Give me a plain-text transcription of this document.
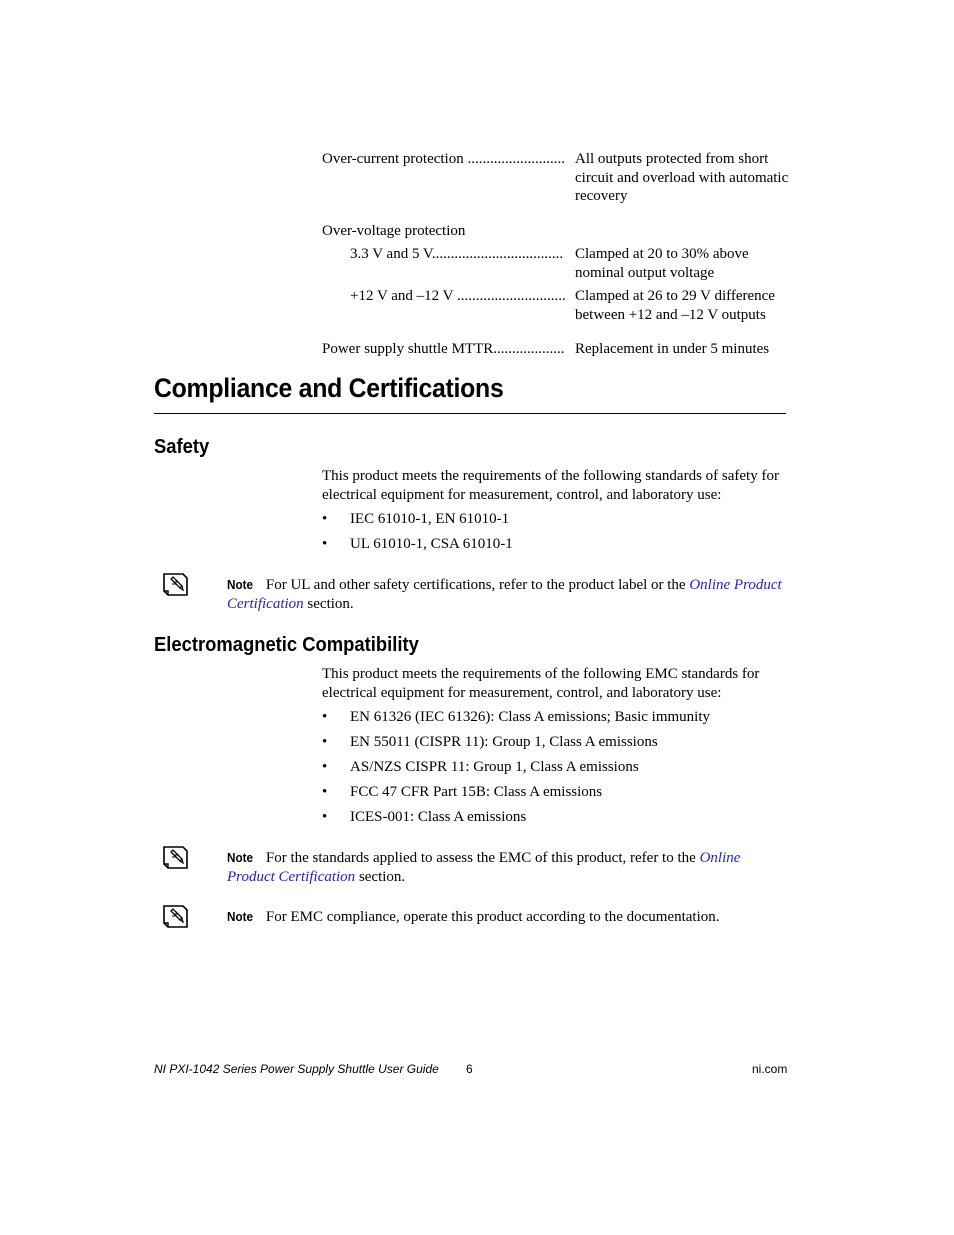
Over-current protection .......................... All outputs protected from short circuit and overload with automatic recovery
Over-voltage protection
3.3 V and 5 V................................... Clamped at 20 to 30% above nominal output voltage
+12 V and –12 V ............................. Clamped at 26 to 29 V difference between +12 and –12 V outputs
Power supply shuttle MTTR................... Replacement in under 5 minutes
Compliance and Certifications
Safety
This product meets the requirements of the following standards of safety for electrical equipment for measurement, control, and laboratory use:
• IEC 61010-1, EN 61010-1
• UL 61010-1, CSA 61010-1
Note For UL and other safety certifications, refer to the product label or the Online Product Certification section.
Electromagnetic Compatibility
This product meets the requirements of the following EMC standards for electrical equipment for measurement, control, and laboratory use:
• EN 61326 (IEC 61326): Class A emissions; Basic immunity
• EN 55011 (CISPR 11): Group 1, Class A emissions
• AS/NZS CISPR 11: Group 1, Class A emissions
• FCC 47 CFR Part 15B: Class A emissions
• ICES-001: Class A emissions
Note For the standards applied to assess the EMC of this product, refer to the Online Product Certification section.
Note For EMC compliance, operate this product according to the documentation.
NI PXI-1042 Series Power Supply Shuttle User Guide 6	ni.com
